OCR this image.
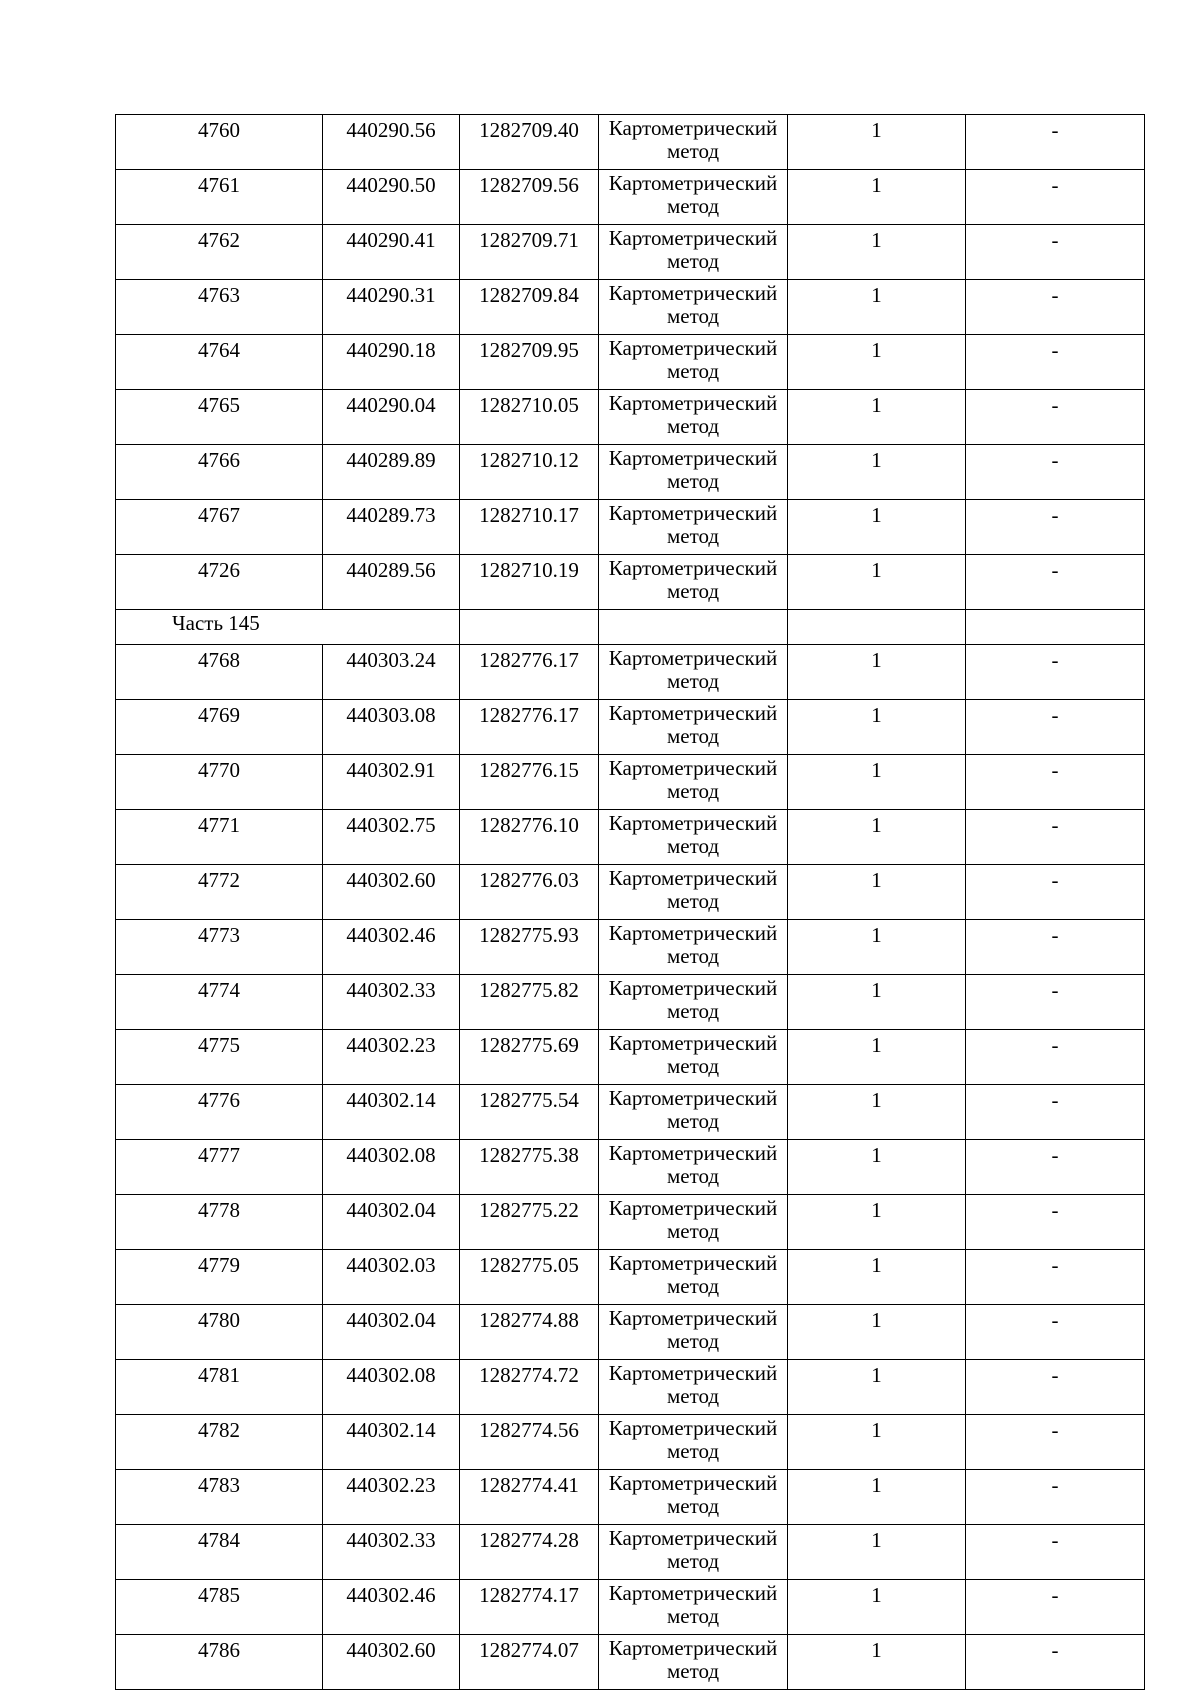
4760	440290.56	1282709.40	Картометрический
метод	1	-
4761	440290.50	1282709.56	Картометрический
метод	1	-
4762	440290.41	1282709.71	Картометрический
метод	1	-
4763	440290.31	1282709.84	Картометрический
метод	1	-
4764	440290.18	1282709.95	Картометрический
метод	1	-
4765	440290.04	1282710.05	Картометрический
метод	1	-
4766	440289.89	1282710.12	Картометрический
метод	1	-
4767	440289.73	1282710.17	Картометрический
метод	1	-
4726	440289.56	1282710.19	Картометрический
метод	1	-
Часть 145					
4768	440303.24	1282776.17	Картометрический
метод	1	-
4769	440303.08	1282776.17	Картометрический
метод	1	-
4770	440302.91	1282776.15	Картометрический
метод	1	-
4771	440302.75	1282776.10	Картометрический
метод	1	-
4772	440302.60	1282776.03	Картометрический
метод	1	-
4773	440302.46	1282775.93	Картометрический
метод	1	-
4774	440302.33	1282775.82	Картометрический
метод	1	-
4775	440302.23	1282775.69	Картометрический
метод	1	-
4776	440302.14	1282775.54	Картометрический
метод	1	-
4777	440302.08	1282775.38	Картометрический
метод	1	-
4778	440302.04	1282775.22	Картометрический
метод	1	-
4779	440302.03	1282775.05	Картометрический
метод	1	-
4780	440302.04	1282774.88	Картометрический
метод	1	-
4781	440302.08	1282774.72	Картометрический
метод	1	-
4782	440302.14	1282774.56	Картометрический
метод	1	-
4783	440302.23	1282774.41	Картометрический
метод	1	-
4784	440302.33	1282774.28	Картометрический
метод	1	-
4785	440302.46	1282774.17	Картометрический
метод	1	-
4786	440302.60	1282774.07	Картометрический
метод	1	-
